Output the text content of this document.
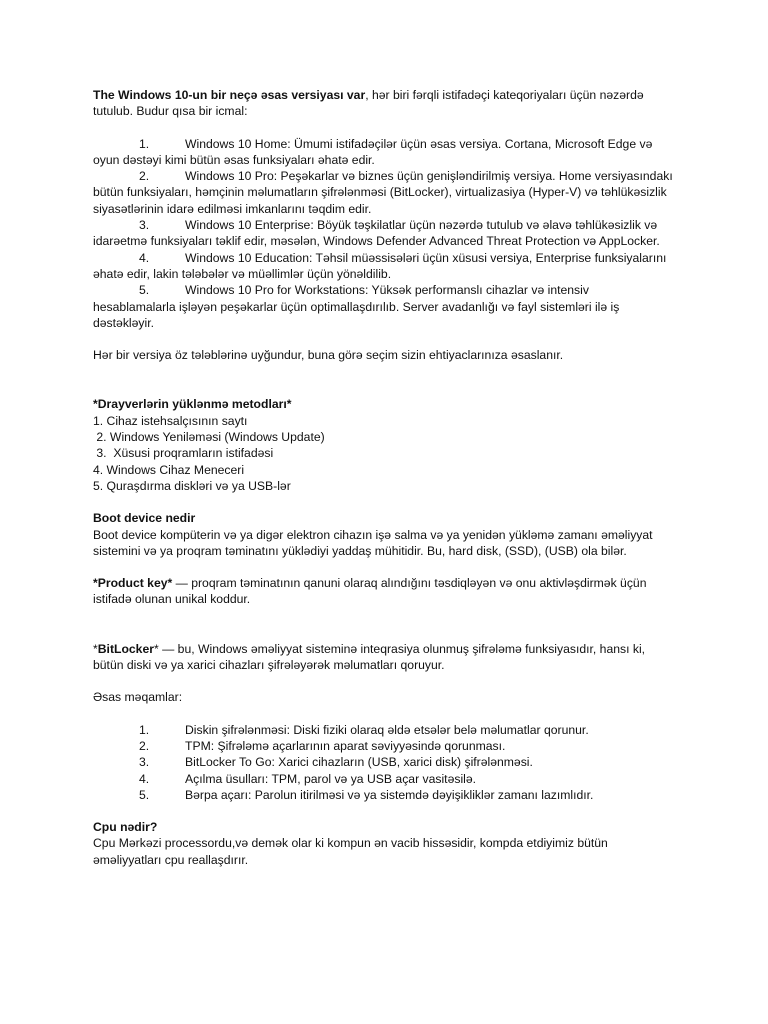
The Windows 10-un bir neçə əsas versiyası var, hər biri fərqli istifadəçi kateqoriyaları üçün nəzərdə tutulub. Budur qısa bir icmal:

1.	Windows 10 Home: Ümumi istifadəçilər üçün əsas versiya. Cortana, Microsoft Edge və oyun dəstəyi kimi bütün əsas funksiyaları əhatə edir.
2.	Windows 10 Pro: Peşəkarlar və biznes üçün genişləndirilmiş versiya. Home versiyasındakı bütün funksiyaları, həmçinin məlumatların şifrələnməsi (BitLocker), virtualizasiya (Hyper-V) və təhlükəsizlik siyasətlərinin idarə edilməsi imkanlarını təqdim edir.
3.	Windows 10 Enterprise: Böyük təşkilatlar üçün nəzərdə tutulub və əlavə təhlükəsizlik və idarəetmə funksiyaları təklif edir, məsələn, Windows Defender Advanced Threat Protection və AppLocker.
4.	Windows 10 Education: Təhsil müəssisələri üçün xüsusi versiya, Enterprise funksiyalarını əhatə edir, lakin tələbələr və müəllimlər üçün yönəldilib.
5.	Windows 10 Pro for Workstations: Yüksək performanslı cihazlar və intensiv hesablamalarla işləyən peşəkarlar üçün optimallaşdırılıb. Server avadanlığı və fayl sistemləri ilə iş dəstəkləyir.

Hər bir versiya öz tələblərinə uyğundur, buna görə seçim sizin ehtiyaclarınıza əsaslanır.

*Drayverlərin yüklənmə metodları*

1. Cihaz istehsalçısının saytı

2. Windows Yeniləməsi (Windows Update)

3.  Xüsusi proqramların istifadəsi

4. Windows Cihaz Meneceri

5. Quraşdırma diskləri və ya USB-lər

Boot device nedir

Boot device kompüterin və ya digər elektron cihazın işə salma və ya yenidən yükləmə zamanı əməliyyat sistemini və ya proqram təminatını yüklədiyi yaddaş mühitidir. Bu, hard disk, (SSD), (USB) ola bilər.

*Product key* — proqram təminatının qanuni olaraq alındığını təsdiqləyən və onu aktivləşdirmək üçün istifadə olunan unikal koddur.

*BitLocker* — bu, Windows əməliyyat sisteminə inteqrasiya olunmuş şifrələmə funksiyasıdır, hansı ki, bütün diski və ya xarici cihazları şifrələyərək məlumatları qoruyur.

Əsas məqamlar:

1.	Diskin şifrələnməsi: Diski fiziki olaraq əldə etsələr belə məlumatlar qorunur.
2.	TPM: Şifrələmə açarlarının aparat səviyyəsində qorunması.
3.	BitLocker To Go: Xarici cihazların (USB, xarici disk) şifrələnməsi.
4.	Açılma üsulları: TPM, parol və ya USB açar vasitəsilə.
5.	Bərpa açarı: Parolun itirilməsi və ya sistemdə dəyişikliklər zamanı lazımlıdır.

Cpu nədir?

Cpu Mərkəzi processordu,və demək olar ki kompun ən vacib hissəsidir, kompda etdiyimiz bütün əməliyyatları cpu reallaşdırır.
